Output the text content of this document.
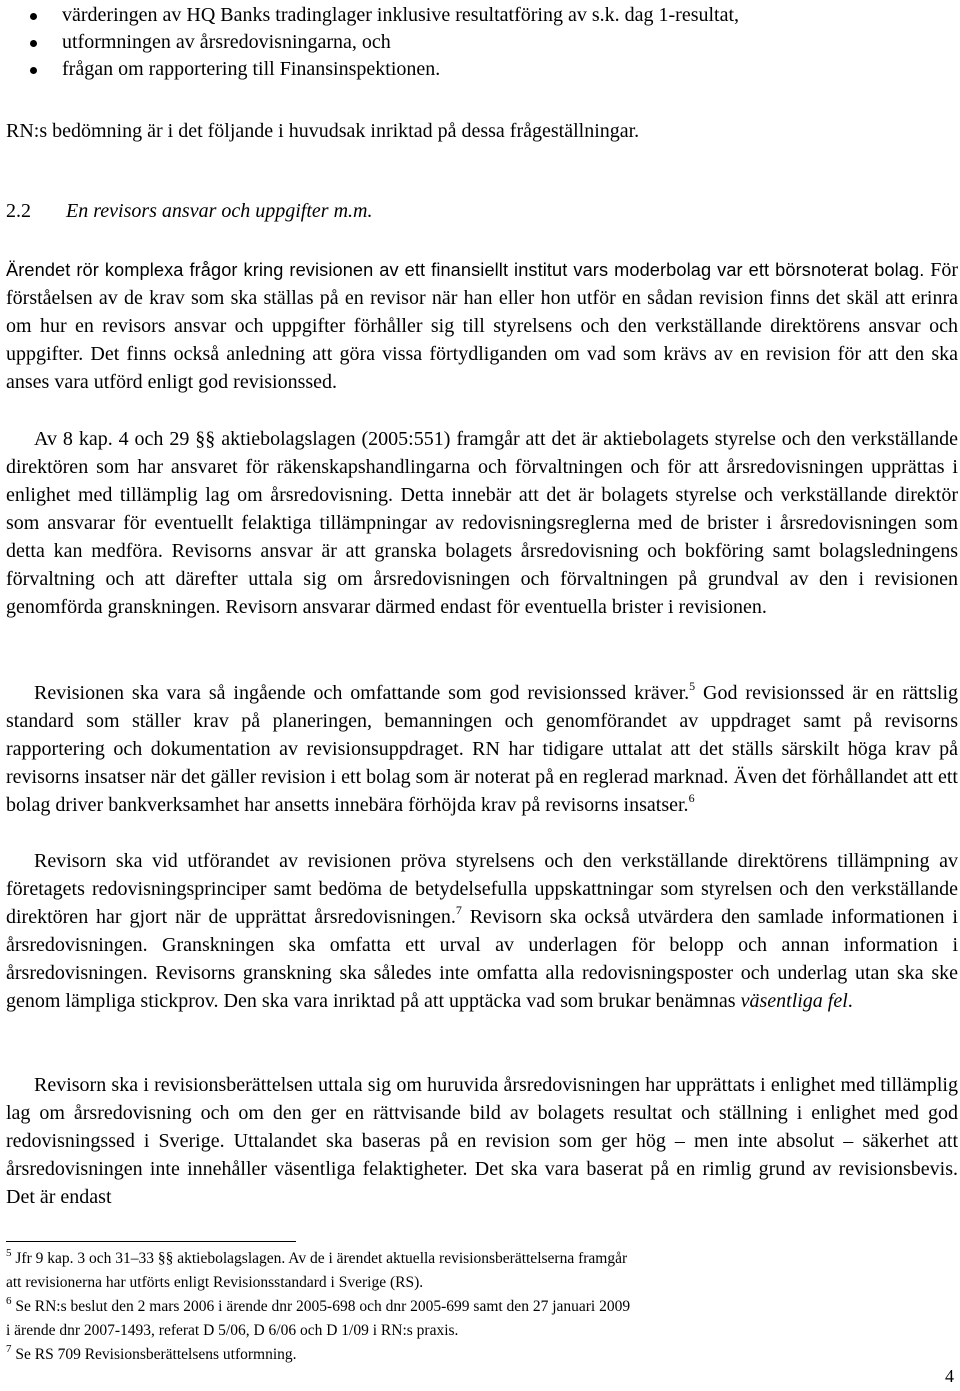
värderingen av HQ Banks tradinglager inklusive resultatföring av s.k. dag 1-resultat,
utformningen av årsredovisningarna, och
frågan om rapportering till Finansinspektionen.

RN:s bedömning är i det följande i huvudsak inriktad på dessa frågeställningar.

2.2 En revisors ansvar och uppgifter m.m.

Ärendet rör komplexa frågor kring revisionen av ett finansiellt institut vars moderbolag var ett börsnoterat bolag. För förståelsen av de krav som ska ställas på en revisor när han eller hon utför en sådan revision finns det skäl att erinra om hur en revisors ansvar och uppgifter förhåller sig till styrelsens och den verkställande direktörens ansvar och uppgifter. Det finns också anledning att göra vissa förtydliganden om vad som krävs av en revision för att den ska anses vara utförd enligt god revisionssed.

Av 8 kap. 4 och 29 §§ aktiebolagslagen (2005:551) framgår att det är aktiebolagets styrelse och den verkställande direktören som har ansvaret för räkenskapshandlingarna och förvaltningen och för att årsredovisningen upprättas i enlighet med tillämplig lag om årsredovisning. Detta innebär att det är bolagets styrelse och verkställande direktör som ansvarar för eventuellt felaktiga tillämpningar av redovisningsreglerna med de brister i årsredovisningen som detta kan medföra. Revisorns ansvar är att granska bolagets årsredovisning och bokföring samt bolagsledningens förvaltning och att därefter uttala sig om årsredovisningen och förvaltningen på grundval av den i revisionen genomförda granskningen. Revisorn ansvarar därmed endast för eventuella brister i revisionen.

Revisionen ska vara så ingående och omfattande som god revisionssed kräver.$^5$ God revisionssed är en rättslig standard som ställer krav på planeringen, bemanningen och genomförandet av uppdraget samt på revisorns rapportering och dokumentation av revisionsuppdraget. RN har tidigare uttalat att det ställs särskilt höga krav på revisorns insatser när det gäller revision i ett bolag som är noterat på en reglerad marknad. Även det förhållandet att ett bolag driver bankverksamhet har ansetts innebära förhöjda krav på revisorns insatser.$^6$

Revisorn ska vid utförandet av revisionen pröva styrelsens och den verkställande direktörens tillämpning av företagets redovisningsprinciper samt bedöma de betydelsefulla uppskattningar som styrelsen och den verkställande direktören har gjort när de upprättat årsredovisningen.$^7$ Revisorn ska också utvärdera den samlade informationen i årsredovisningen. Granskningen ska omfatta ett urval av underlagen för belopp och annan information i årsredovisningen. Revisorns granskning ska således inte omfatta alla redovisningsposter och underlag utan ska ske genom lämpliga stickprov. Den ska vara inriktad på att upptäcka vad som brukar benämnas väsentliga fel.

Revisorn ska i revisionsberättelsen uttala sig om huruvida årsredovisningen har upprättats i enlighet med tillämplig lag om årsredovisning och om den ger en rättvisande bild av bolagets resultat och ställning i enlighet med god redovisningssed i Sverige. Uttalandet ska baseras på en revision som ger hög – men inte absolut – säkerhet att årsredovisningen inte innehåller väsentliga felaktigheter. Det ska vara baserat på en rimlig grund av revisionsbevis. Det är endast

$^5$ Jfr 9 kap. 3 och 31–33 §§ aktiebolagslagen. Av de i ärendet aktuella revisionsberättelserna framgår

att revisionerna har utförts enligt Revisionsstandard i Sverige (RS).

$^6$ Se RN:s beslut den 2 mars 2006 i ärende dnr 2005-698 och dnr 2005-699 samt den 27 januari 2009

i ärende dnr 2007-1493, referat D 5/06, D 6/06 och D 1/09 i RN:s praxis.

$^7$ Se RS 709 Revisionsberättelsens utformning.

4
